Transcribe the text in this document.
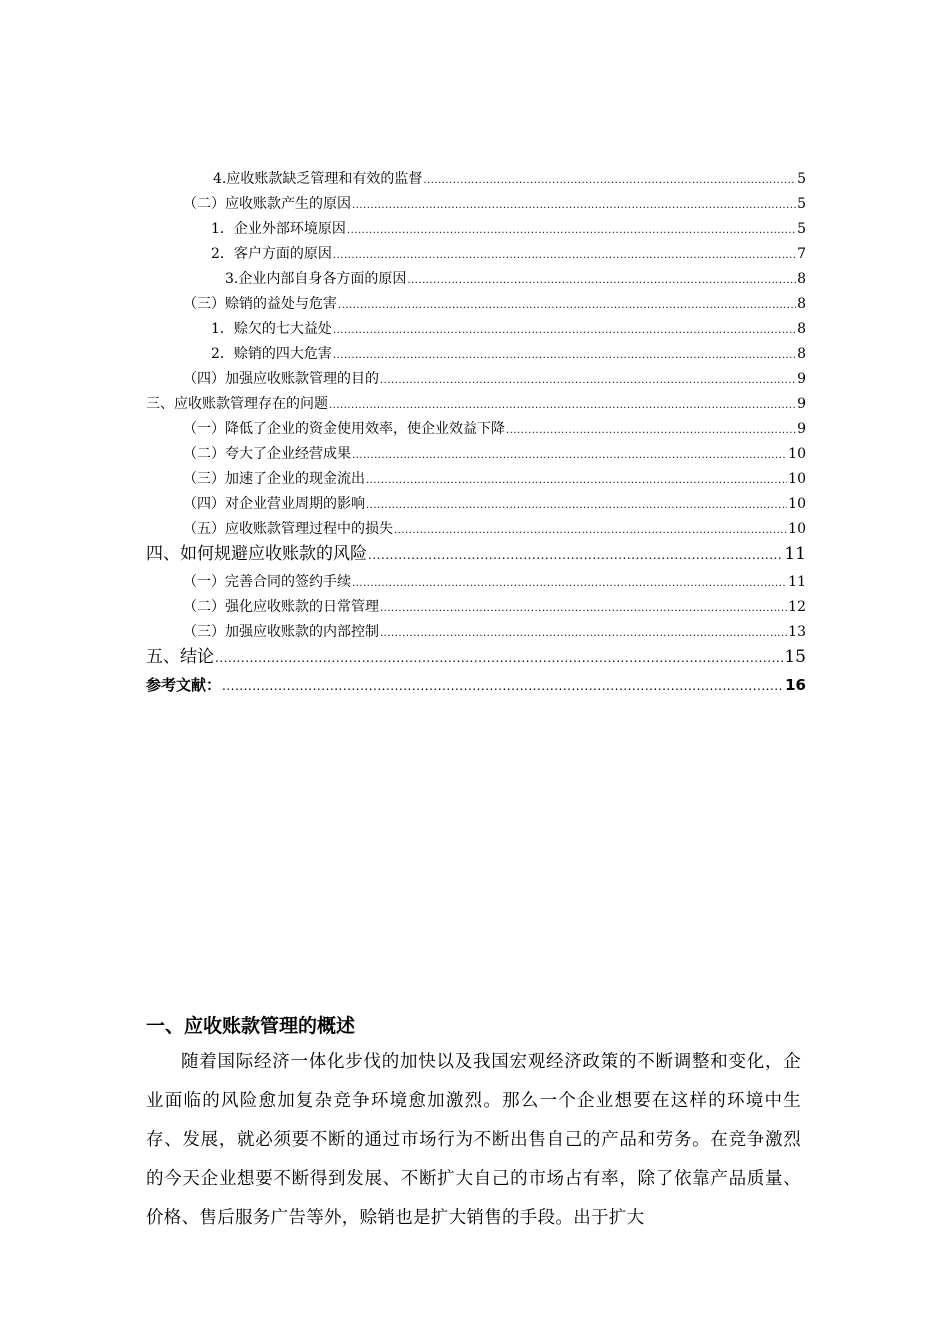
4.应收账款缺乏管理和有效的监督 .....	5
（二）应收账款产生的原因 .....	5
1．企业外部环境原因 .....	5
2．客户方面的原因 .....	7
3.企业内部自身各方面的原因 .....	8
（三）赊销的益处与危害 .....	8
1．赊欠的七大益处 .....	8
2．赊销的四大危害 .....	8
（四）加强应收账款管理的目的 .....	9
三、应收账款管理存在的问题 .....	9
（一）降低了企业的资金使用效率，使企业效益下降 .....	9
（二）夸大了企业经营成果 .....	10
（三）加速了企业的现金流出 .....	10
（四）对企业营业周期的影响 .....	10
（五）应收账款管理过程中的损失 .....	10
四、如何规避应收账款的风险 .....	11
（一）完善合同的签约手续 .....	11
（二）强化应收账款的日常管理 .....	12
（三）加强应收账款的内部控制 .....	13
五、结论 .....	15
参考文献： .....	16
一、应收账款管理的概述
随着国际经济一体化步伐的加快以及我国宏观经济政策的不断调整和变化，企业面临的风险愈加复杂竞争环境愈加激烈。那么一个企业想要在这样的环境中生存、发展，就必须要不断的通过市场行为不断出售自己的产品和劳务。在竞争激烈的今天企业想要不断得到发展、不断扩大自己的市场占有率，除了依靠产品质量、价格、售后服务广告等外，赊销也是扩大销售的手段。出于扩大
